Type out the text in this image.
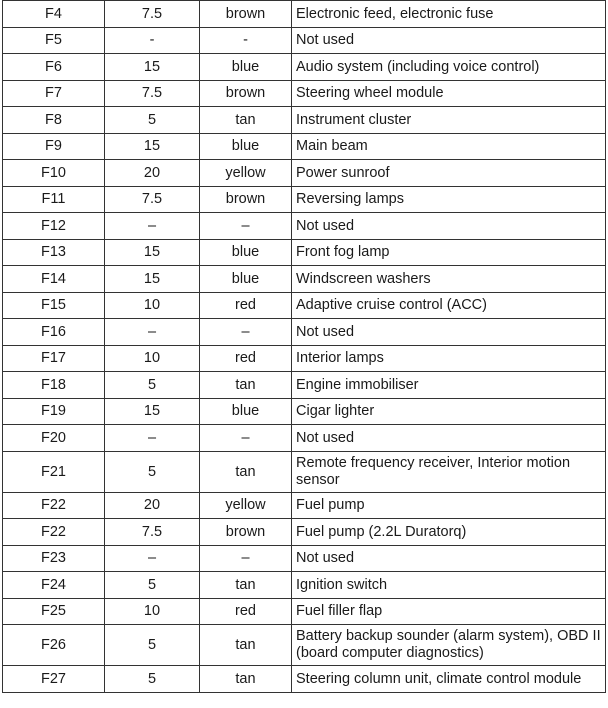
F4	7.5	brown	Electronic feed, electronic fuse
F5	-	-	Not used
F6	15	blue	Audio system (including voice control)
F7	7.5	brown	Steering wheel module
F8	5	tan	Instrument cluster
F9	15	blue	Main beam
F10	20	yellow	Power sunroof
F11	7.5	brown	Reversing lamps
F12	–	–	Not used
F13	15	blue	Front fog lamp
F14	15	blue	Windscreen washers
F15	10	red	Adaptive cruise control (ACC)
F16	–	–	Not used
F17	10	red	Interior lamps
F18	5	tan	Engine immobiliser
F19	15	blue	Cigar lighter
F20	–	–	Not used
F21	5	tan	Remote frequency receiver, Interior motion sensor
F22	20	yellow	Fuel pump
F22	7.5	brown	Fuel pump (2.2L Duratorq)
F23	–	–	Not used
F24	5	tan	Ignition switch
F25	10	red	Fuel filler flap
F26	5	tan	Battery backup sounder (alarm system), OBD II (board computer diagnostics)
F27	5	tan	Steering column unit, climate control module
